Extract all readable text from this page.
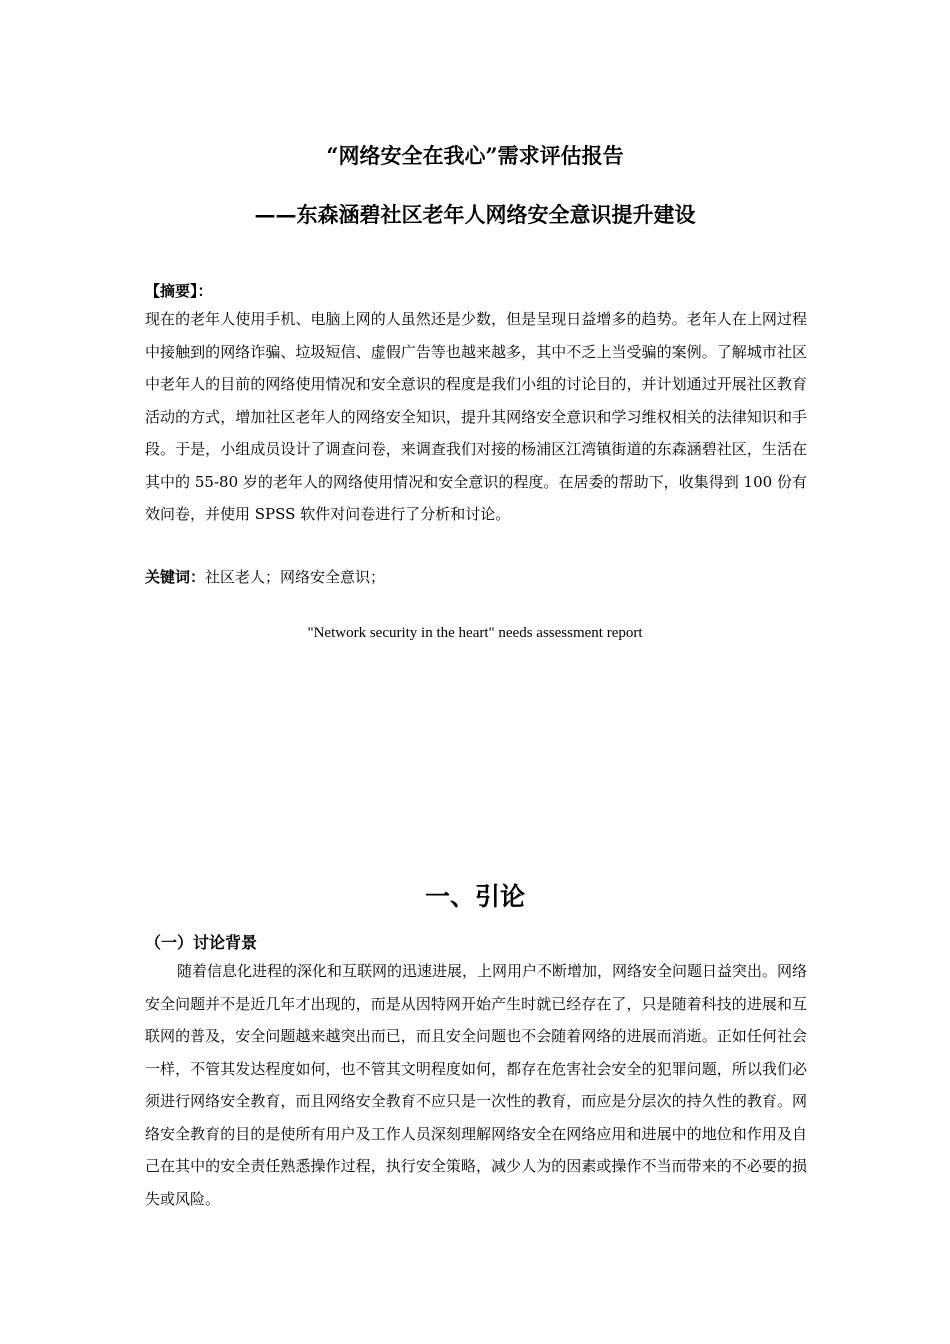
“网络安全在我心”需求评估报告
——东森涵碧社区老年人网络安全意识提升建设
【摘要】：
现在的老年人使用手机、电脑上网的人虽然还是少数，但是呈现日益增多的趋势。老年人在上网过程中接触到的网络诈骗、垃圾短信、虚假广告等也越来越多，其中不乏上当受骗的案例。了解城市社区中老年人的目前的网络使用情况和安全意识的程度是我们小组的讨论目的，并计划通过开展社区教育活动的方式，增加社区老年人的网络安全知识，提升其网络安全意识和学习维权相关的法律知识和手段。于是，小组成员设计了调查问卷，来调查我们对接的杨浦区江湾镇街道的东森涵碧社区，生活在其中的 55-80 岁的老年人的网络使用情况和安全意识的程度。在居委的帮助下，收集得到 100 份有效问卷，并使用 SPSS 软件对问卷进行了分析和讨论。
关键词：社区老人；网络安全意识；
"Network security in the heart" needs assessment report
一、引论
（一）讨论背景
随着信息化进程的深化和互联网的迅速进展，上网用户不断增加，网络安全问题日益突出。网络安全问题并不是近几年才出现的，而是从因特网开始产生时就已经存在了，只是随着科技的进展和互联网的普及，安全问题越来越突出而已，而且安全问题也不会随着网络的进展而消逝。正如任何社会一样，不管其发达程度如何，也不管其文明程度如何，都存在危害社会安全的犯罪问题，所以我们必须进行网络安全教育，而且网络安全教育不应只是一次性的教育，而应是分层次的持久性的教育。网络安全教育的目的是使所有用户及工作人员深刻理解网络安全在网络应用和进展中的地位和作用及自己在其中的安全责任熟悉操作过程，执行安全策略，减少人为的因素或操作不当而带来的不必要的损失或风险。
